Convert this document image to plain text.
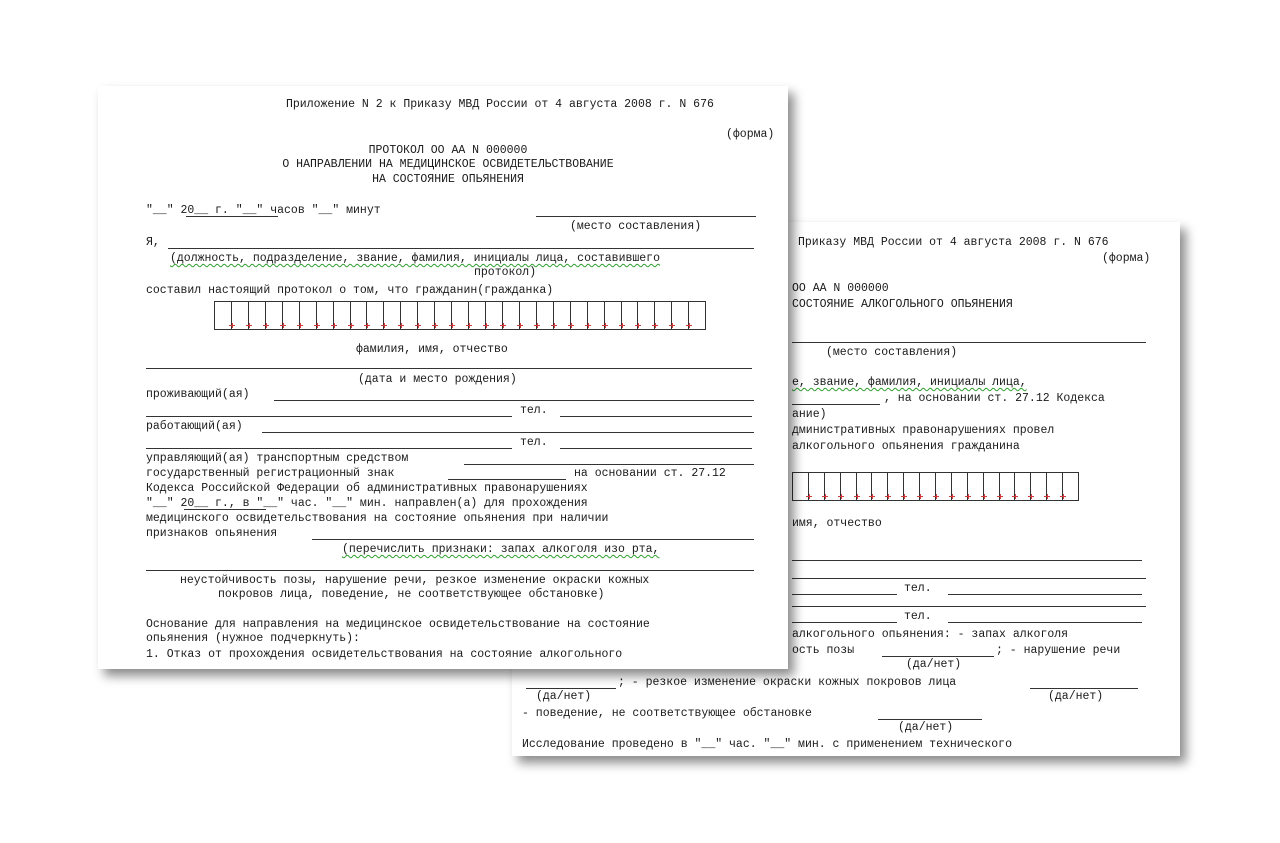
Приказу МВД России от 4 августа 2008 г. N 676
(форма)
ОО АА N 000000
СОСТОЯНИЕ АЛКОГОЛЬНОГО ОПЬЯНЕНИЯ
(место составления)
е, звание, фамилия, инициалы лица,
, на основании ст. 27.12 Кодекса
ание)
дминистративных правонарушениях провел
алкогольного опьянения гражданина
имя, отчество
тел.
тел.
алкогольного опьянения: - запах алкоголя
ость позы	; - нарушение речи
(да/нет)
; - резкое изменение окраски кожных покровов лица
(да/нет)	(да/нет)
- поведение, не соответствующее обстановке
(да/нет)
Исследование проведено в "__" час. "__" мин. с применением технического
Приложение N 2 к Приказу МВД России от 4 августа 2008 г. N 676
(форма)
ПРОТОКОЛ ОО АА N 000000
О НАПРАВЛЕНИИ НА МЕДИЦИНСКОЕ ОСВИДЕТЕЛЬСТВОВАНИЕ
НА СОСТОЯНИЕ ОПЬЯНЕНИЯ
"__" 20__ г. "__" часов "__" минут
(место составления)
Я,
(должность, подразделение, звание, фамилия, инициалы лица, составившего
протокол)
составил настоящий протокол о том, что гражданин(гражданка)
фамилия, имя, отчество
(дата и место рождения)
проживающий(ая)
тел.
работающий(ая)
тел.
управляющий(ая) транспортным средством
государственный регистрационный знак	на основании ст. 27.12
Кодекса Российской Федерации об административных правонарушениях
"__" 20__ г., в "__" час. "__" мин. направлен(а) для прохождения
медицинского освидетельствования на состояние опьянения при наличии
признаков опьянения
(перечислить признаки: запах алкоголя изо рта,
неустойчивость позы, нарушение речи, резкое изменение окраски кожных
покровов лица, поведение, не соответствующее обстановке)
Основание для направления на медицинское освидетельствование на состояние
опьянения (нужное подчеркнуть):
1. Отказ от прохождения освидетельствования на состояние алкогольного
